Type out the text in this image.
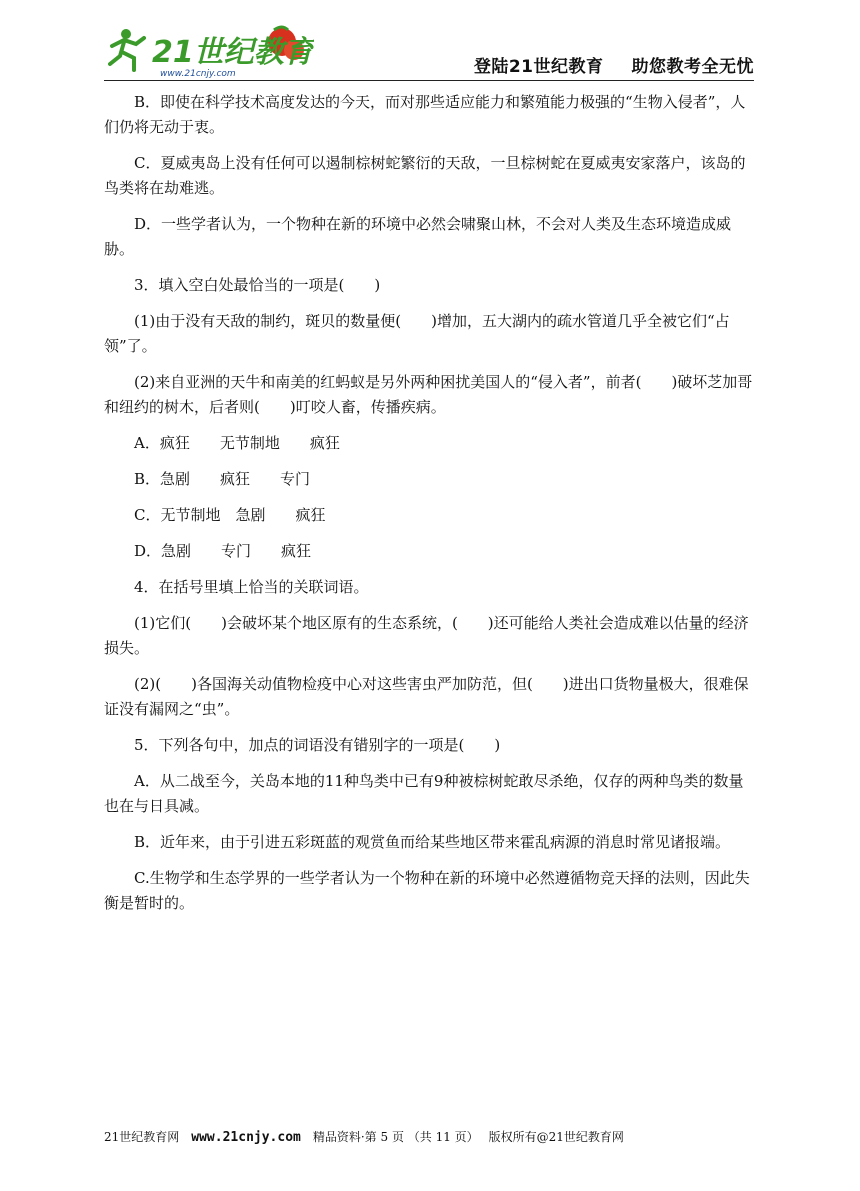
21世纪教育
www.21cnjy.com	登陆21世纪教育 助您教考全无忧

B．即使在科学技术高度发达的今天，而对那些适应能力和繁殖能力极强的“生物入侵者”，人们仍将无动于衷。

C．夏威夷岛上没有任何可以遏制棕树蛇繁衍的天敌，一旦棕树蛇在夏威夷安家落户，该岛的鸟类将在劫难逃。

D．一些学者认为，一个物种在新的环境中必然会啸聚山林，不会对人类及生态环境造成威胁。

3．填入空白处最恰当的一项是(　　)

(1)由于没有天敌的制约，斑贝的数量便(　　)增加，五大湖内的疏水管道几乎全被它们“占领”了。

(2)来自亚洲的天牛和南美的红蚂蚁是另外两种困扰美国人的“侵入者”，前者(　　)破坏芝加哥和纽约的树木，后者则(　　)叮咬人畜，传播疾病。

A．疯狂　　无节制地　　疯狂

B．急剧　　疯狂　　专门

C．无节制地　急剧　　疯狂

D．急剧　　专门　　疯狂

4．在括号里填上恰当的关联词语。

(1)它们(　　)会破坏某个地区原有的生态系统，(　　)还可能给人类社会造成难以估量的经济损失。

(2)(　　)各国海关动值物检疫中心对这些害虫严加防范，但(　　)进出口货物量极大，很难保证没有漏网之“虫”。

5．下列各句中，加点的词语没有错别字的一项是(　　)

A．从二战至今，关岛本地的11种鸟类中已有9种被棕树蛇敢尽杀绝，仅存的两种鸟类的数量也在与日具减。

B．近年来，由于引进五彩斑蓝的观赏鱼而给某些地区带来霍乱病源的消息时常见诸报端。

C.生物学和生态学界的一些学者认为一个物种在新的环境中必然遵循物竞天择的法则，因此失衡是暂时的。

21世纪教育网 www.21cnjy.com 精品资料·第 5 页 （共 11 页） 版权所有@21世纪教育网
